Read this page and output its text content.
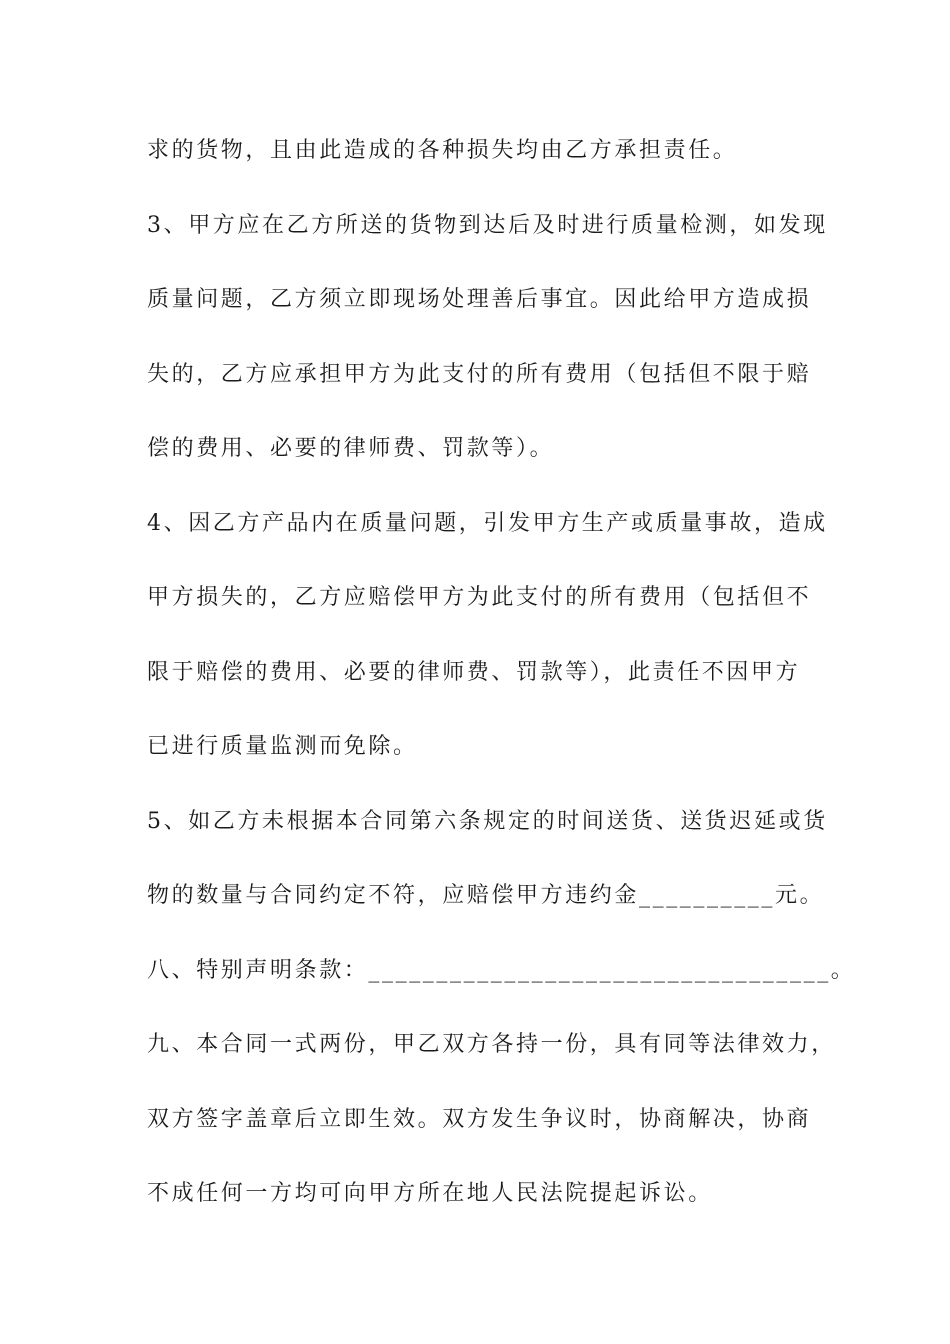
求的货物，且由此造成的各种损失均由乙方承担责任。
3、甲方应在乙方所送的货物到达后及时进行质量检测，如发现
质量问题，乙方须立即现场处理善后事宜。因此给甲方造成损
失的，乙方应承担甲方为此支付的所有费用（包括但不限于赔
偿的费用、必要的律师费、罚款等）。
4、因乙方产品内在质量问题，引发甲方生产或质量事故，造成
甲方损失的，乙方应赔偿甲方为此支付的所有费用（包括但不
限于赔偿的费用、必要的律师费、罚款等），此责任不因甲方
已进行质量监测而免除。
5、如乙方未根据本合同第六条规定的时间送货、送货迟延或货
物的数量与合同约定不符，应赔偿甲方违约金__________元。
八、特别声明条款：__________________________________。
九、本合同一式两份，甲乙双方各持一份，具有同等法律效力，
双方签字盖章后立即生效。双方发生争议时，协商解决，协商
不成任何一方均可向甲方所在地人民法院提起诉讼。
